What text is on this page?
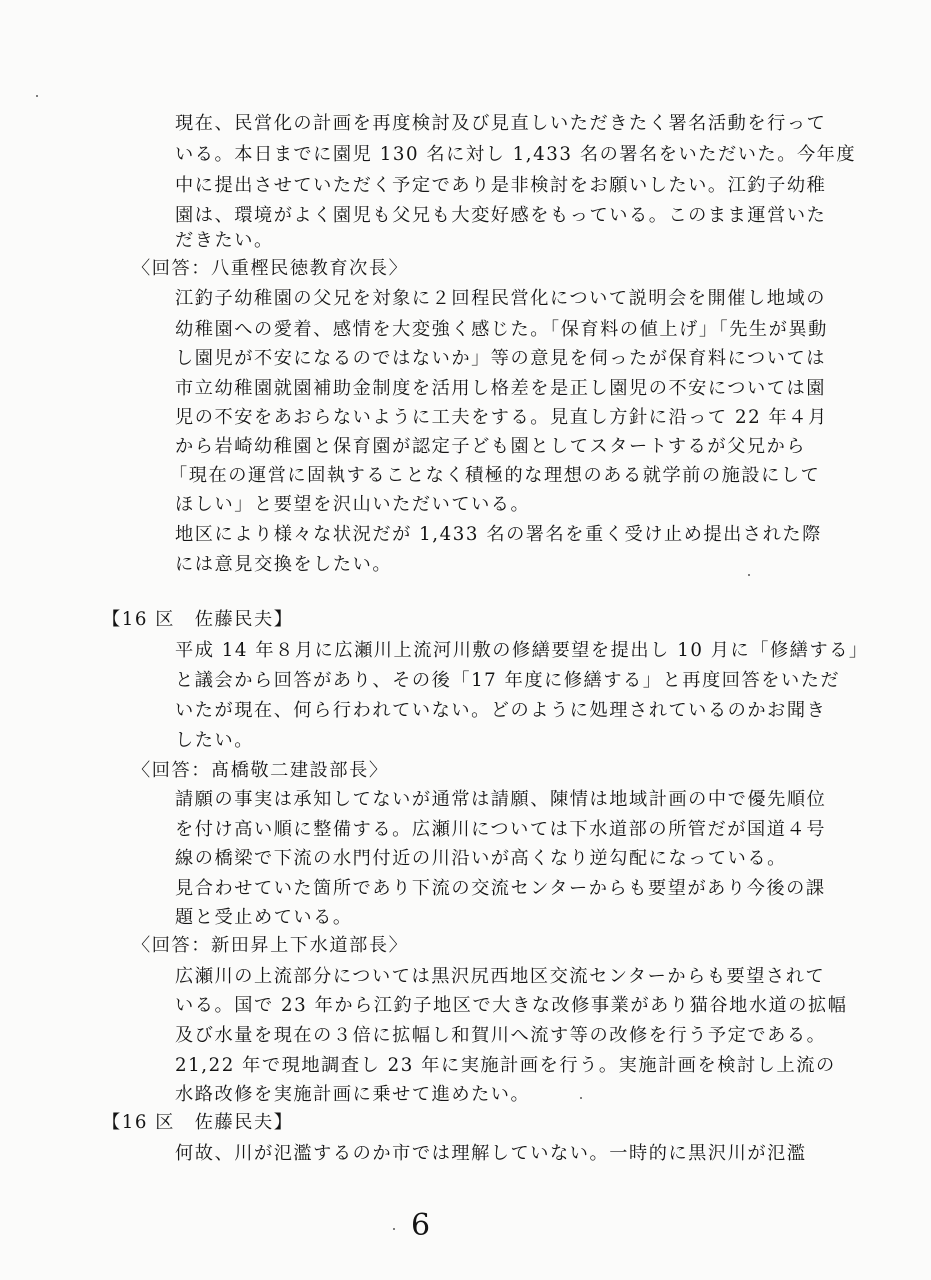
現在、民営化の計画を再度検討及び見直しいただきたく署名活動を行って
いる。本日までに園児 130 名に対し 1,433 名の署名をいただいた。今年度
中に提出させていただく予定であり是非検討をお願いしたい。江釣子幼稚
園は、環境がよく園児も父兄も大変好感をもっている。このまま運営いた
だきたい。
〈回答：八重樫民徳教育次長〉
江釣子幼稚園の父兄を対象に２回程民営化について説明会を開催し地域の
幼稚園への愛着、感情を大変強く感じた。「保育料の値上げ」「先生が異動
し園児が不安になるのではないか」等の意見を伺ったが保育料については
市立幼稚園就園補助金制度を活用し格差を是正し園児の不安については園
児の不安をあおらないように工夫をする。見直し方針に沿って 22 年４月
から岩崎幼稚園と保育園が認定子ども園としてスタートするが父兄から
「現在の運営に固執することなく積極的な理想のある就学前の施設にして
ほしい」と要望を沢山いただいている。
地区により様々な状況だが 1,433 名の署名を重く受け止め提出された際
には意見交換をしたい。
【16 区　佐藤民夫】
平成 14 年８月に広瀬川上流河川敷の修繕要望を提出し 10 月に「修繕する」
と議会から回答があり、その後「17 年度に修繕する」と再度回答をいただ
いたが現在、何ら行われていない。どのように処理されているのかお聞き
したい。
〈回答：髙橋敬二建設部長〉
請願の事実は承知してないが通常は請願、陳情は地域計画の中で優先順位
を付け高い順に整備する。広瀬川については下水道部の所管だが国道４号
線の橋梁で下流の水門付近の川沿いが高くなり逆勾配になっている。
見合わせていた箇所であり下流の交流センターからも要望があり今後の課
題と受止めている。
〈回答：新田昇上下水道部長〉
広瀬川の上流部分については黒沢尻西地区交流センターからも要望されて
いる。国で 23 年から江釣子地区で大きな改修事業があり猫谷地水道の拡幅
及び水量を現在の３倍に拡幅し和賀川へ流す等の改修を行う予定である。
21,22 年で現地調査し 23 年に実施計画を行う。実施計画を検討し上流の
水路改修を実施計画に乗せて進めたい。
【16 区　佐藤民夫】
何故、川が氾濫するのか市では理解していない。一時的に黒沢川が氾濫
6
